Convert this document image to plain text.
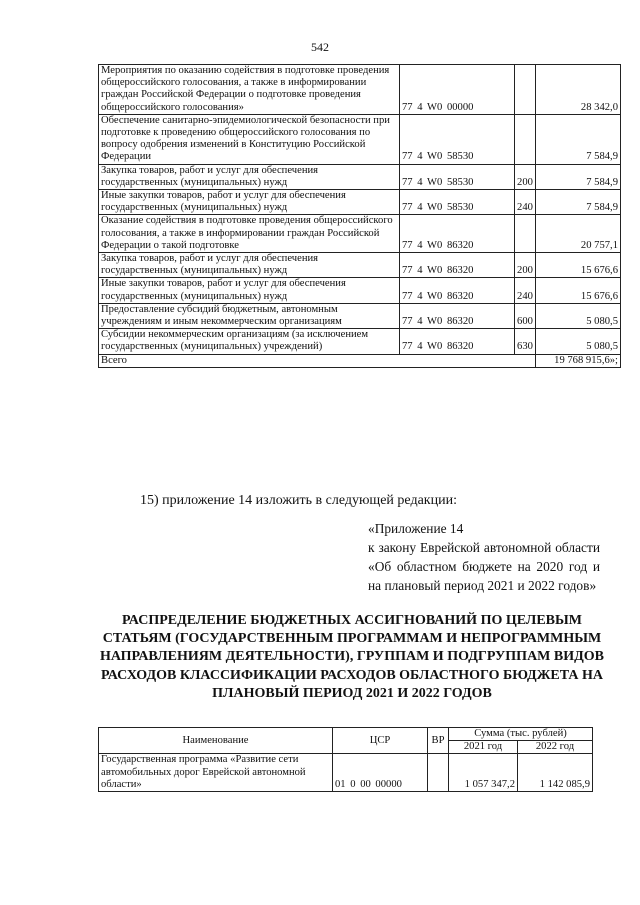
542
Мероприятия по оказанию содействия в подготовке проведения общероссийского голосования, а также в информировании граждан Российской Федерации о подготовке проведения общероссийского голосования»	77 4 W0 00000		28 342,0
Обеспечение санитарно-эпидемиологической безопасности при подготовке к проведению общероссийского голосования по вопросу одобрения изменений в Конституцию Российской Федерации	77 4 W0 58530		7 584,9
Закупка товаров, работ и услуг для обеспечения государственных (муниципальных) нужд	77 4 W0 58530	200	7 584,9
Иные закупки товаров, работ и услуг для обеспечения государственных (муниципальных) нужд	77 4 W0 58530	240	7 584,9
Оказание содействия в подготовке проведения общероссийского голосования, а также в информировании граждан Российской Федерации о такой подготовке	77 4 W0 86320		20 757,1
Закупка товаров, работ и услуг для обеспечения государственных (муниципальных) нужд	77 4 W0 86320	200	15 676,6
Иные закупки товаров, работ и услуг для обеспечения государственных (муниципальных) нужд	77 4 W0 86320	240	15 676,6
Предоставление субсидий бюджетным, автономным учреждениям и иным некоммерческим организациям	77 4 W0 86320	600	5 080,5
Субсидии некоммерческим организациям (за исключением государственных (муниципальных) учреждений)	77 4 W0 86320	630	5 080,5
Всего			19 768 915,6»;
15) приложение 14 изложить в следующей редакции:
«Приложение 14
к закону Еврейской автономной области «Об областном бюджете на 2020 год и на плановый период 2021 и 2022 годов»
РАСПРЕДЕЛЕНИЕ БЮДЖЕТНЫХ АССИГНОВАНИЙ ПО ЦЕЛЕВЫМ СТАТЬЯМ (ГОСУДАРСТВЕННЫМ ПРОГРАММАМ И НЕПРОГРАММНЫМ НАПРАВЛЕНИЯМ ДЕЯТЕЛЬНОСТИ), ГРУППАМ И ПОДГРУППАМ ВИДОВ РАСХОДОВ КЛАССИФИКАЦИИ РАСХОДОВ ОБЛАСТНОГО БЮДЖЕТА НА ПЛАНОВЫЙ ПЕРИОД 2021 И 2022 ГОДОВ
Наименование	ЦСР	ВР	Сумма (тыс. рублей)	
			2021 год	2022 год
Государственная программа «Развитие сети автомобильных дорог Еврейской автономной области»	01 0 00 00000		1 057 347,2	1 142 085,9
